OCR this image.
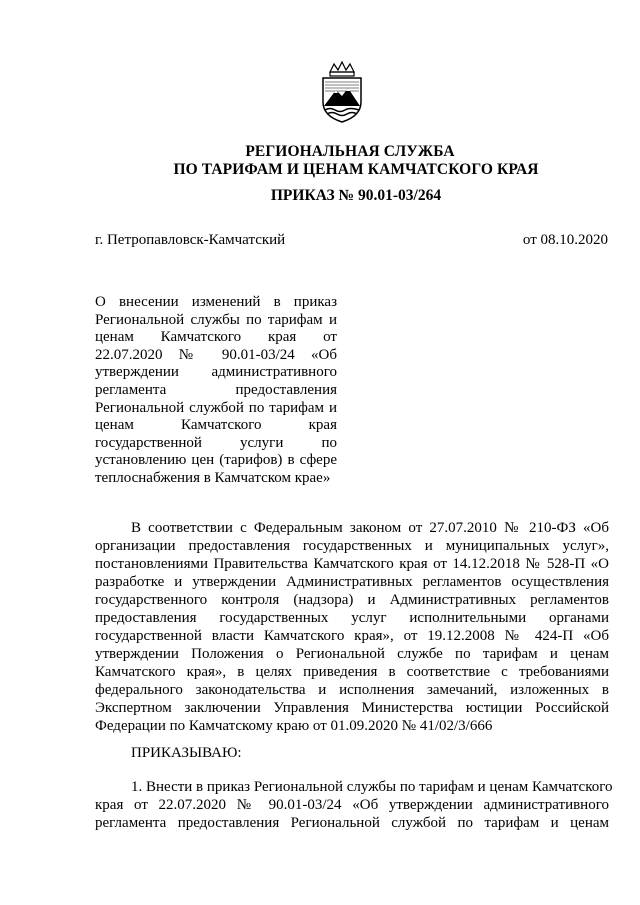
РЕГИОНАЛЬНАЯ СЛУЖБА
ПО ТАРИФАМ И ЦЕНАМ КАМЧАТСКОГО КРАЯ
ПРИКАЗ № 90.01-03/264
г. Петропавловск-Камчатский	от 08.10.2020
О внесении изменений в приказ
Региональной службы по тарифам и
ценам Камчатского края от
22.07.2020 № 90.01-03/24 «Об
утверждении административного
регламента предоставления
Региональной службой по тарифам и
ценам Камчатского края
государственной услуги по
установлению цен (тарифов) в сфере
теплоснабжения в Камчатском крае»
В соответствии с Федеральным законом от 27.07.2010 № 210-ФЗ «Об
организации предоставления государственных и муниципальных услуг»,
постановлениями Правительства Камчатского края от 14.12.2018 № 528-П «О
разработке и утверждении Административных регламентов осуществления
государственного контроля (надзора) и Административных регламентов
предоставления государственных услуг исполнительными органами
государственной власти Камчатского края», от 19.12.2008 № 424-П «Об
утверждении Положения о Региональной службе по тарифам и ценам
Камчатского края», в целях приведения в соответствие с требованиями
федерального законодательства и исполнения замечаний, изложенных в
Экспертном заключении Управления Министерства юстиции Российской
Федерации по Камчатскому краю от 01.09.2020 № 41/02/3/666
ПРИКАЗЫВАЮ:
1. Внести в приказ Региональной службы по тарифам и ценам Камчатского
края от 22.07.2020 № 90.01-03/24 «Об утверждении административного
регламента предоставления Региональной службой по тарифам и ценам
